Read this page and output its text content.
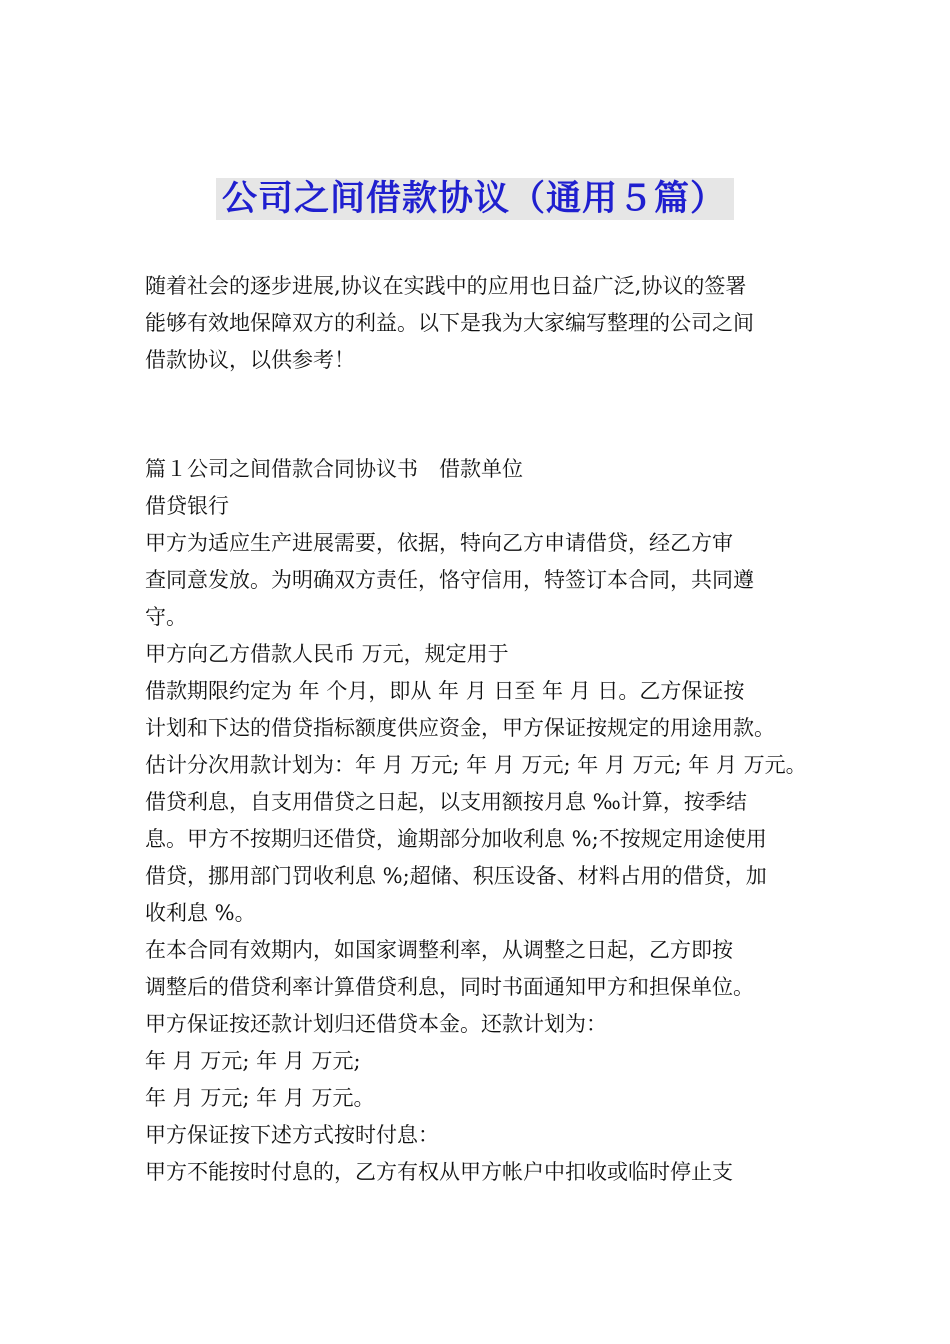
公司之间借款协议（通用５篇）

随着社会的逐步进展,协议在实践中的应用也日益广泛,协议的签署

能够有效地保障双方的利益。以下是我为大家编写整理的公司之间

借款协议，以供参考！

篇１公司之间借款合同协议书　借款单位

借贷银行

甲方为适应生产进展需要，依据，特向乙方申请借贷，经乙方审

查同意发放。为明确双方责任，恪守信用，特签订本合同，共同遵

守。

甲方向乙方借款人民币 万元，规定用于

借款期限约定为 年 个月，即从 年 月 日至 年 月 日。乙方保证按

计划和下达的借贷指标额度供应资金，甲方保证按规定的用途用款。

估计分次用款计划为：年 月 万元; 年 月 万元; 年 月 万元; 年 月 万元。

借贷利息，自支用借贷之日起，以支用额按月息 ‰计算，按季结

息。甲方不按期归还借贷，逾期部分加收利息 %;不按规定用途使用

借贷，挪用部门罚收利息 %;超储、积压设备、材料占用的借贷，加

收利息 %。

在本合同有效期内，如国家调整利率，从调整之日起，乙方即按

调整后的借贷利率计算借贷利息，同时书面通知甲方和担保单位。

甲方保证按还款计划归还借贷本金。还款计划为：

年 月 万元; 年 月 万元;

年 月 万元; 年 月 万元。

甲方保证按下述方式按时付息：

甲方不能按时付息的，乙方有权从甲方帐户中扣收或临时停止支
